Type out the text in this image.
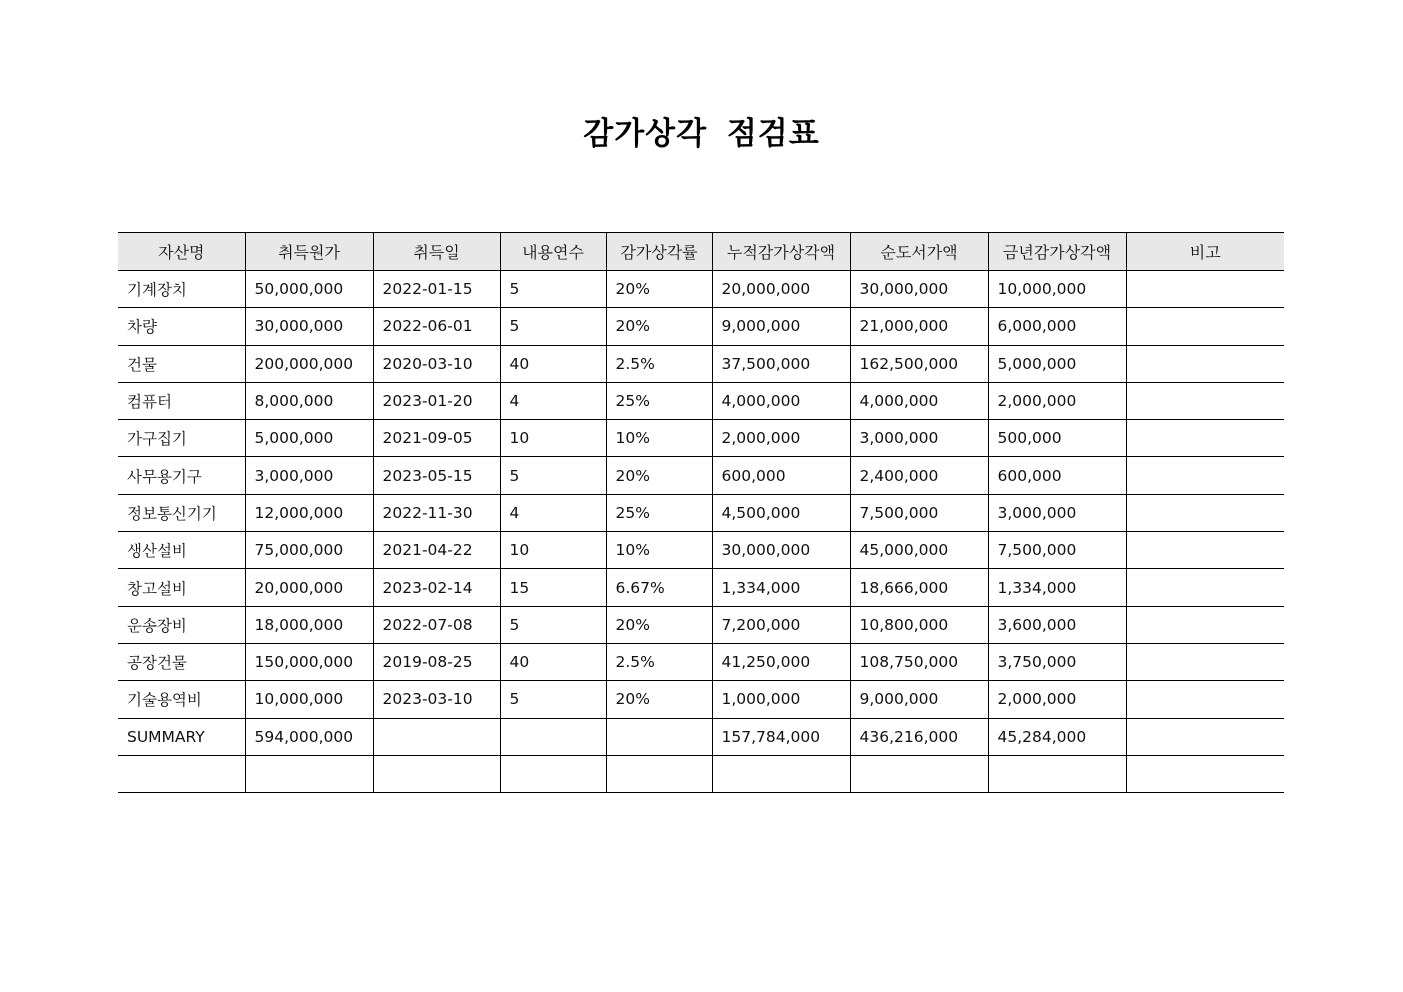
감가상각 점검표
자산명	취득원가	취득일	내용연수	감가상각률	누적감가상각액	순도서가액	금년감가상각액	비고
기계장치	50,000,000	2022-01-15	5	20%	20,000,000	30,000,000	10,000,000	
차량	30,000,000	2022-06-01	5	20%	9,000,000	21,000,000	6,000,000	
건물	200,000,000	2020-03-10	40	2.5%	37,500,000	162,500,000	5,000,000	
컴퓨터	8,000,000	2023-01-20	4	25%	4,000,000	4,000,000	2,000,000	
가구집기	5,000,000	2021-09-05	10	10%	2,000,000	3,000,000	500,000	
사무용기구	3,000,000	2023-05-15	5	20%	600,000	2,400,000	600,000	
정보통신기기	12,000,000	2022-11-30	4	25%	4,500,000	7,500,000	3,000,000	
생산설비	75,000,000	2021-04-22	10	10%	30,000,000	45,000,000	7,500,000	
창고설비	20,000,000	2023-02-14	15	6.67%	1,334,000	18,666,000	1,334,000	
운송장비	18,000,000	2022-07-08	5	20%	7,200,000	10,800,000	3,600,000	
공장건물	150,000,000	2019-08-25	40	2.5%	41,250,000	108,750,000	3,750,000	
기술용역비	10,000,000	2023-03-10	5	20%	1,000,000	9,000,000	2,000,000	
SUMMARY	594,000,000				157,784,000	436,216,000	45,284,000	
